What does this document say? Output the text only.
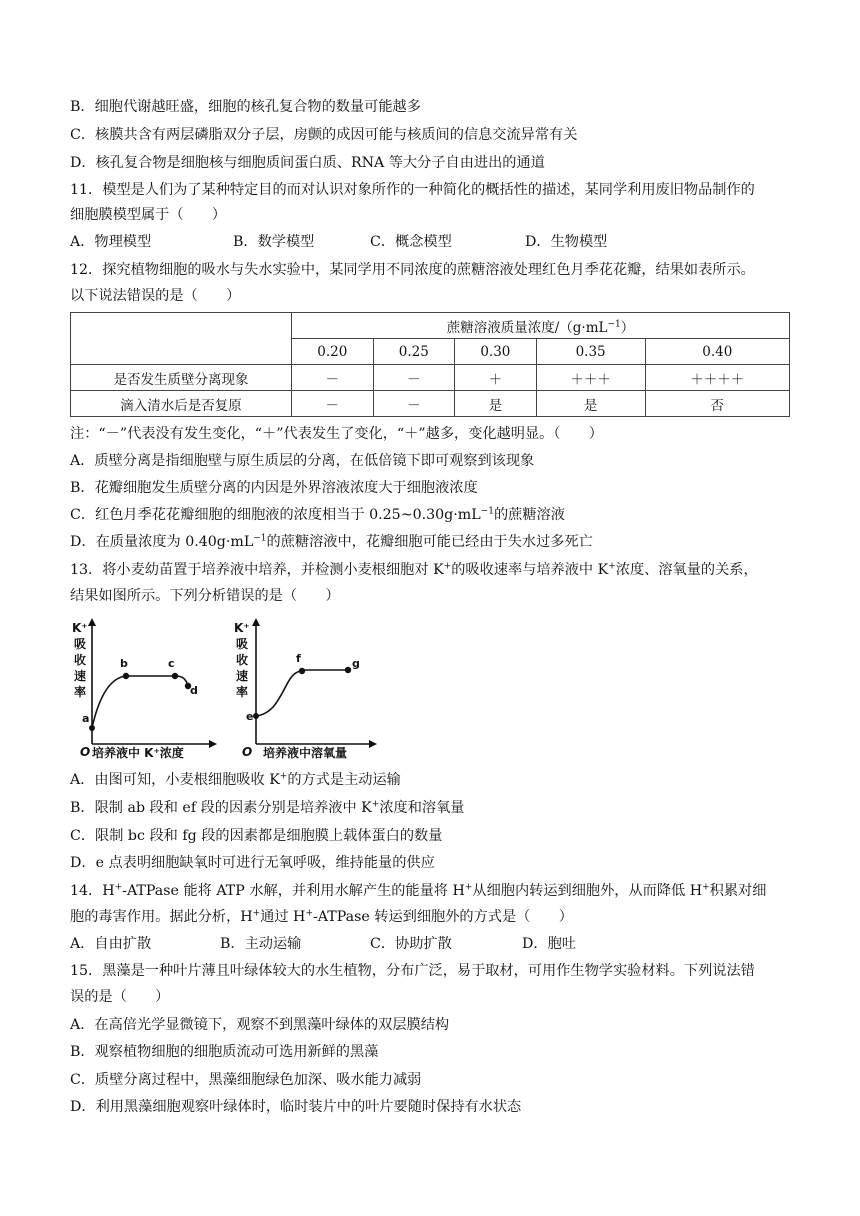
B．细胞代谢越旺盛，细胞的核孔复合物的数量可能越多
C．核膜共含有两层磷脂双分子层，房颤的成因可能与核质间的信息交流异常有关
D．核孔复合物是细胞核与细胞质间蛋白质、RNA 等大分子自由进出的通道
11．模型是人们为了某种特定目的而对认识对象所作的一种简化的概括性的描述，某同学利用废旧物品制作的
细胞膜模型属于（　　）
A．物理模型	B．数学模型	C．概念模型	D．生物模型
12．探究植物细胞的吸水与失水实验中，某同学用不同浓度的蔗糖溶液处理红色月季花花瓣，结果如表所示。
以下说法错误的是（　　）
	蔗糖溶液质量浓度$/(g\cdot mL^{-1})$				
	0.20	0.25	0.30	0.35	0.40
是否发生质壁分离现象	－	－	＋	＋＋＋	＋＋＋＋
滴入清水后是否复原	－	－	是	是	否
注：“－”代表没有发生变化，“＋”代表发生了变化，“＋”越多，变化越明显。（　　）
A．质壁分离是指细胞壁与原生质层的分离，在低倍镜下即可观察到该现象
B．花瓣细胞发生质壁分离的内因是外界溶液浓度大于细胞液浓度
C．红色月季花花瓣细胞的细胞液的浓度相当于 $0.25\sim 0.30g\cdot mL^{-1}$的蔗糖溶液
D．在质量浓度为 $0.40g\cdot mL^{-1}$的蔗糖溶液中，花瓣细胞可能已经由于失水过多死亡
13．将小麦幼苗置于培养液中培养，并检测小麦根细胞对 K+的吸收速率与培养液中 K+浓度、溶氧量的关系，
结果如图所示。下列分析错误的是（　　）
K⁺
吸
收
速
率
a
b	c
d
O 培养液中 K⁺浓度
K⁺
吸
收
速
率
e
f	g
O 培养液中溶氧量
A．由图可知，小麦根细胞吸收 K+的方式是主动运输
B．限制 ab 段和 ef 段的因素分别是培养液中 K+浓度和溶氧量
C．限制 bc 段和 fg 段的因素都是细胞膜上载体蛋白的数量
D．e 点表明细胞缺氧时可进行无氧呼吸，维持能量的供应
14．H+-ATPase 能将 ATP 水解，并利用水解产生的能量将 H+从细胞内转运到细胞外，从而降低 H+积累对细
胞的毒害作用。据此分析，H+通过 H+-ATPase 转运到细胞外的方式是（　　）
A．自由扩散	B．主动运输	C．协助扩散	D．胞吐
15．黑藻是一种叶片薄且叶绿体较大的水生植物，分布广泛，易于取材，可用作生物学实验材料。下列说法错
误的是（　　）
A．在高倍光学显微镜下，观察不到黑藻叶绿体的双层膜结构
B．观察植物细胞的细胞质流动可选用新鲜的黑藻
C．质壁分离过程中，黑藻细胞绿色加深、吸水能力减弱
D．利用黑藻细胞观察叶绿体时，临时装片中的叶片要随时保持有水状态
